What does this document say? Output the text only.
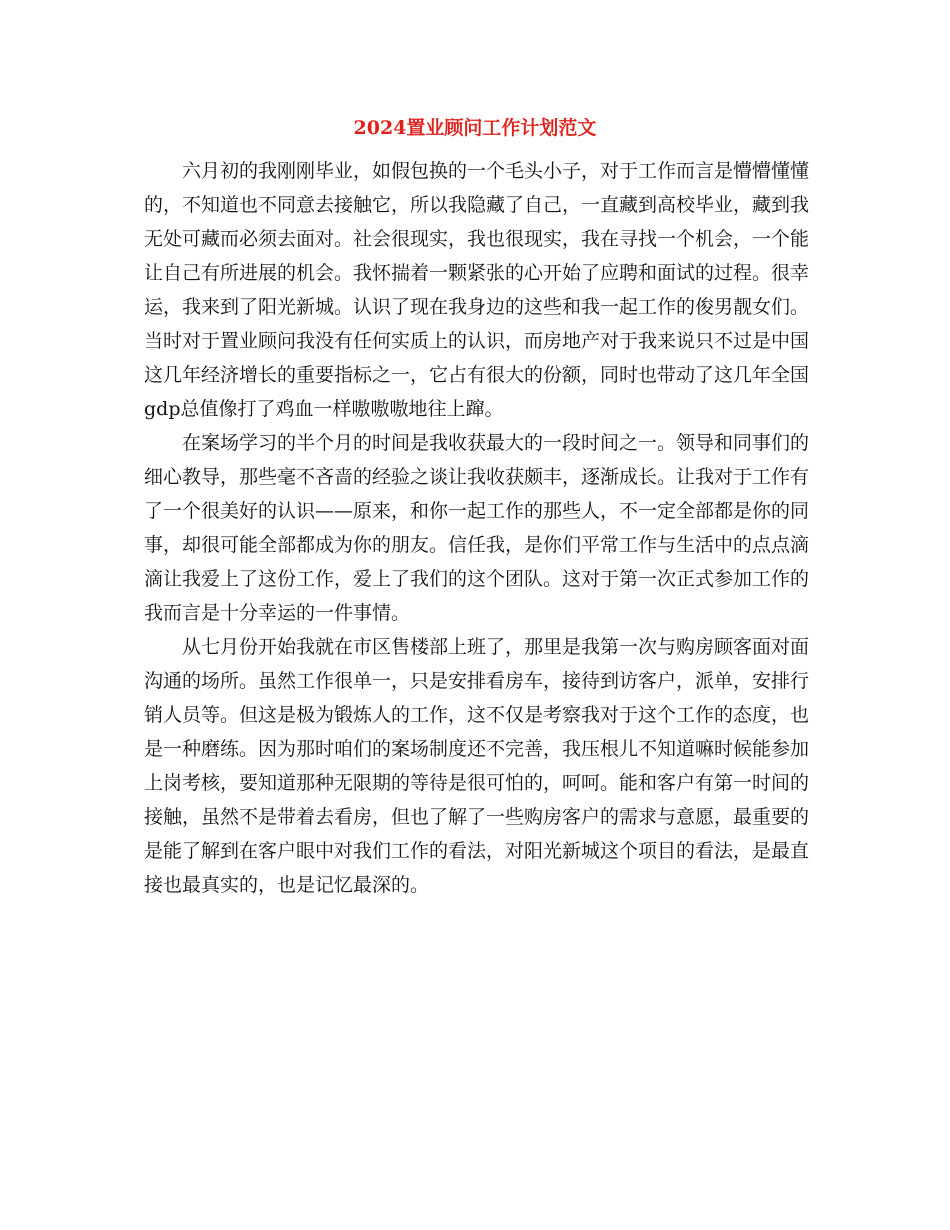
2024置业顾问工作计划范文

六月初的我刚刚毕业，如假包换的一个毛头小子，对于工作而言是懵懵懂懂的，不知道也不同意去接触它，所以我隐藏了自己，一直藏到高校毕业，藏到我无处可藏而必须去面对。社会很现实，我也很现实，我在寻找一个机会，一个能让自己有所进展的机会。我怀揣着一颗紧张的心开始了应聘和面试的过程。很幸运，我来到了阳光新城。认识了现在我身边的这些和我一起工作的俊男靓女们。当时对于置业顾问我没有任何实质上的认识，而房地产对于我来说只不过是中国这几年经济增长的重要指标之一，它占有很大的份额，同时也带动了这几年全国gdp总值像打了鸡血一样嗷嗷嗷地往上蹿。

在案场学习的半个月的时间是我收获最大的一段时间之一。领导和同事们的细心教导，那些毫不吝啬的经验之谈让我收获颇丰，逐渐成长。让我对于工作有了一个很美好的认识——原来，和你一起工作的那些人，不一定全部都是你的同事，却很可能全部都成为你的朋友。信任我，是你们平常工作与生活中的点点滴滴让我爱上了这份工作，爱上了我们的这个团队。这对于第一次正式参加工作的我而言是十分幸运的一件事情。

从七月份开始我就在市区售楼部上班了，那里是我第一次与购房顾客面对面沟通的场所。虽然工作很单一，只是安排看房车，接待到访客户，派单，安排行销人员等。但这是极为锻炼人的工作，这不仅是考察我对于这个工作的态度，也是一种磨练。因为那时咱们的案场制度还不完善，我压根儿不知道嘛时候能参加上岗考核，要知道那种无限期的等待是很可怕的，呵呵。能和客户有第一时间的接触，虽然不是带着去看房，但也了解了一些购房客户的需求与意愿，最重要的是能了解到在客户眼中对我们工作的看法，对阳光新城这个项目的看法，是最直接也最真实的，也是记忆最深的。
